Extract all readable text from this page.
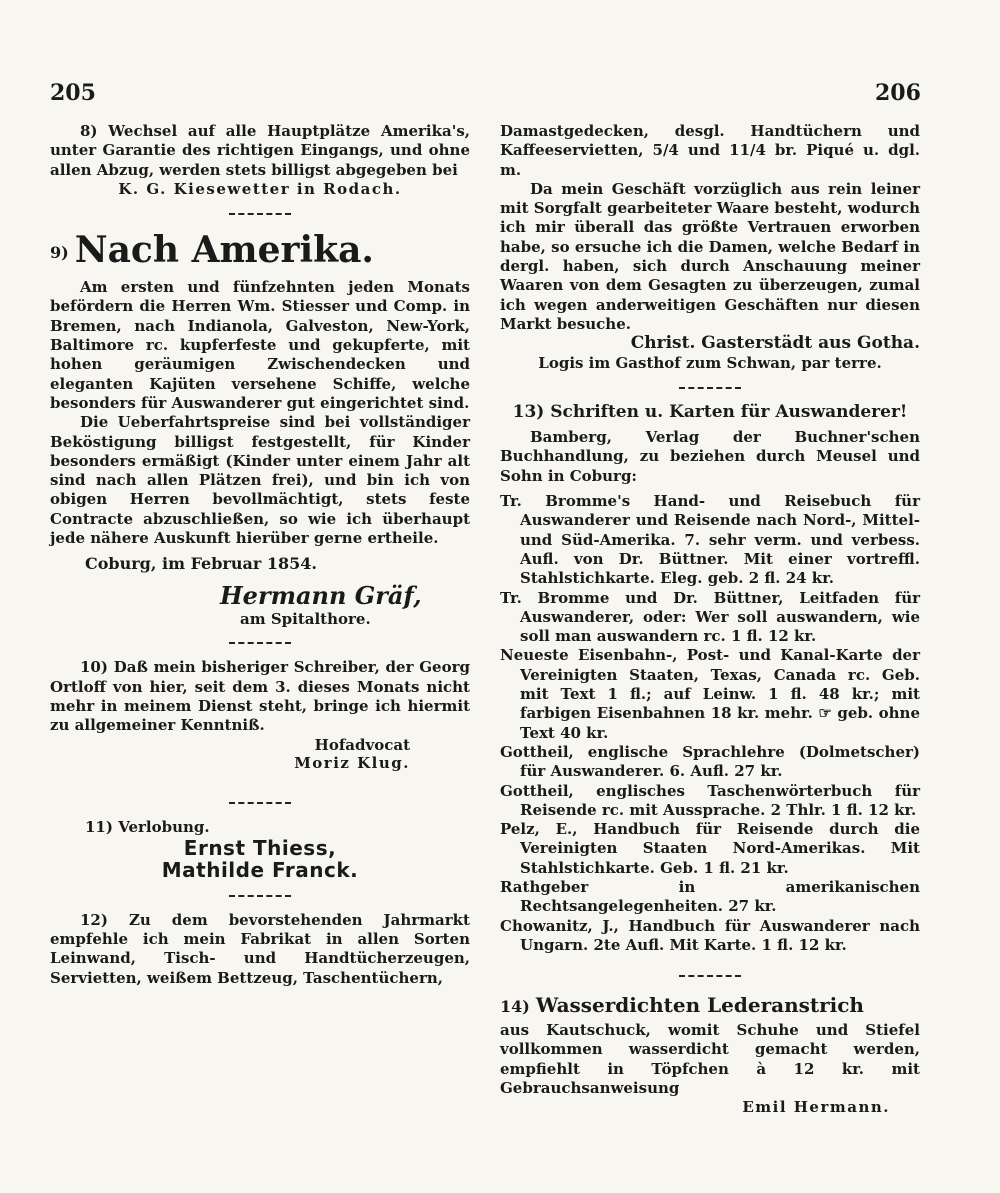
205	206

8) Wechsel auf alle Hauptplätze Amerika's, unter Garantie des richtigen Eingangs, und ohne allen Abzug, werden stets billigst abgegeben bei

K. G. Kiesewetter in Rodach.

9) Nach Amerika.

Am ersten und fünfzehnten jeden Monats befördern die Herren Wm. Stiesser und Comp. in Bremen, nach Indianola, Galveston, New-York, Baltimore rc. kupferfeste und gekupferte, mit hohen geräumigen Zwischendecken und eleganten Kajüten versehene Schiffe, welche besonders für Auswanderer gut eingerichtet sind.

Die Ueberfahrtspreise sind bei vollständiger Beköstigung billigst festgestellt, für Kinder besonders ermäßigt (Kinder unter einem Jahr alt sind nach allen Plätzen frei), und bin ich von obigen Herren bevollmächtigt, stets feste Contracte abzuschließen, so wie ich überhaupt jede nähere Auskunft hierüber gerne ertheile.

Coburg, im Februar 1854.

Hermann Gräf,

am Spitalthore.

10) Daß mein bisheriger Schreiber, der Georg Ortloff von hier, seit dem 3. dieses Monats nicht mehr in meinem Dienst steht, bringe ich hiermit zu allgemeiner Kenntniß.

Hofadvocat

Moriz Klug.

11) Verlobung.

Ernst Thiess,

Mathilde Franck.

12) Zu dem bevorstehenden Jahrmarkt empfehle ich mein Fabrikat in allen Sorten Leinwand, Tisch- und Handtücherzeugen, Servietten, weißem Bettzeug, Taschentüchern,

Damastgedecken, desgl. Handtüchern und Kaffeeservietten, 5/4 und 11/4 br. Piqué u. dgl. m.

Da mein Geschäft vorzüglich aus rein leiner mit Sorgfalt gearbeiteter Waare besteht, wodurch ich mir überall das größte Vertrauen erworben habe, so ersuche ich die Damen, welche Bedarf in dergl. haben, sich durch Anschauung meiner Waaren von dem Gesagten zu überzeugen, zumal ich wegen anderweitigen Geschäften nur diesen Markt besuche.

Christ. Gasterstädt aus Gotha.

Logis im Gasthof zum Schwan, par terre.

13) Schriften u. Karten für Auswanderer!

Bamberg, Verlag der Buchner'schen Buchhandlung, zu beziehen durch Meusel und Sohn in Coburg:

Tr. Bromme's Hand- und Reisebuch für Auswanderer und Reisende nach Nord-, Mittel- und Süd-Amerika. 7. sehr verm. und verbess. Aufl. von Dr. Büttner. Mit einer vortreffl. Stahlstichkarte. Eleg. geb. 2 fl. 24 kr.

Tr. Bromme und Dr. Büttner, Leitfaden für Auswanderer, oder: Wer soll auswandern, wie soll man auswandern rc. 1 fl. 12 kr.

Neueste Eisenbahn-, Post- und Kanal-Karte der Vereinigten Staaten, Texas, Canada rc. Geb. mit Text 1 fl.; auf Leinw. 1 fl. 48 kr.; mit farbigen Eisenbahnen 18 kr. mehr. ☞ geb. ohne Text 40 kr.

Gottheil, englische Sprachlehre (Dolmetscher) für Auswanderer. 6. Aufl. 27 kr.

Gottheil, englisches Taschenwörterbuch für Reisende rc. mit Aussprache. 2 Thlr. 1 fl. 12 kr.

Pelz, E., Handbuch für Reisende durch die Vereinigten Staaten Nord-Amerikas. Mit Stahlstichkarte. Geb. 1 fl. 21 kr.

Rathgeber in amerikanischen Rechtsangelegenheiten. 27 kr.

Chowanitz, J., Handbuch für Auswanderer nach Ungarn. 2te Aufl. Mit Karte. 1 fl. 12 kr.

14) Wasserdichten Lederanstrich

aus Kautschuck, womit Schuhe und Stiefel vollkommen wasserdicht gemacht werden, empfiehlt in Töpfchen à 12 kr. mit Gebrauchsanweisung

Emil Hermann.
